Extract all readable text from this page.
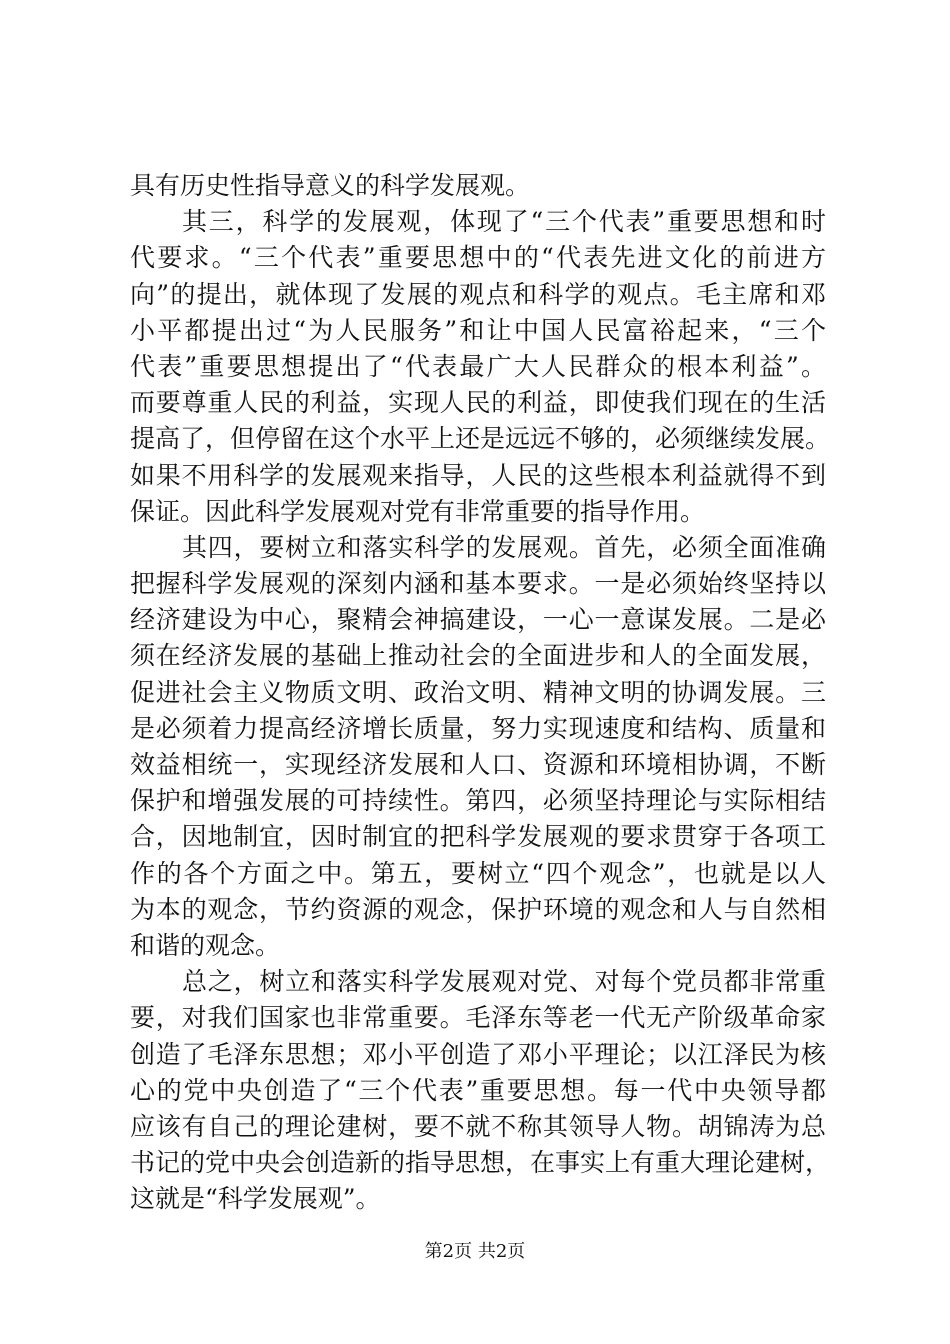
具有历史性指导意义的科学发展观。
其三，科学的发展观，体现了“三个代表”重要思想和时
代要求。“三个代表”重要思想中的“代表先进文化的前进方
向”的提出，就体现了发展的观点和科学的观点。毛主席和邓
小平都提出过“为人民服务”和让中国人民富裕起来，“三个
代表”重要思想提出了“代表最广大人民群众的根本利益”。
而要尊重人民的利益，实现人民的利益，即使我们现在的生活
提高了，但停留在这个水平上还是远远不够的，必须继续发展。
如果不用科学的发展观来指导，人民的这些根本利益就得不到
保证。因此科学发展观对党有非常重要的指导作用。
其四，要树立和落实科学的发展观。首先，必须全面准确
把握科学发展观的深刻内涵和基本要求。一是必须始终坚持以
经济建设为中心，聚精会神搞建设，一心一意谋发展。二是必
须在经济发展的基础上推动社会的全面进步和人的全面发展，
促进社会主义物质文明、政治文明、精神文明的协调发展。三
是必须着力提高经济增长质量，努力实现速度和结构、质量和
效益相统一，实现经济发展和人口、资源和环境相协调，不断
保护和增强发展的可持续性。第四，必须坚持理论与实际相结
合，因地制宜，因时制宜的把科学发展观的要求贯穿于各项工
作的各个方面之中。第五，要树立“四个观念”，也就是以人
为本的观念，节约资源的观念，保护环境的观念和人与自然相
和谐的观念。
总之，树立和落实科学发展观对党、对每个党员都非常重
要，对我们国家也非常重要。毛泽东等老一代无产阶级革命家
创造了毛泽东思想；邓小平创造了邓小平理论；以江泽民为核
心的党中央创造了“三个代表”重要思想。每一代中央领导都
应该有自己的理论建树，要不就不称其领导人物。胡锦涛为总
书记的党中央会创造新的指导思想，在事实上有重大理论建树，
这就是“科学发展观”。
第2页 共2页
